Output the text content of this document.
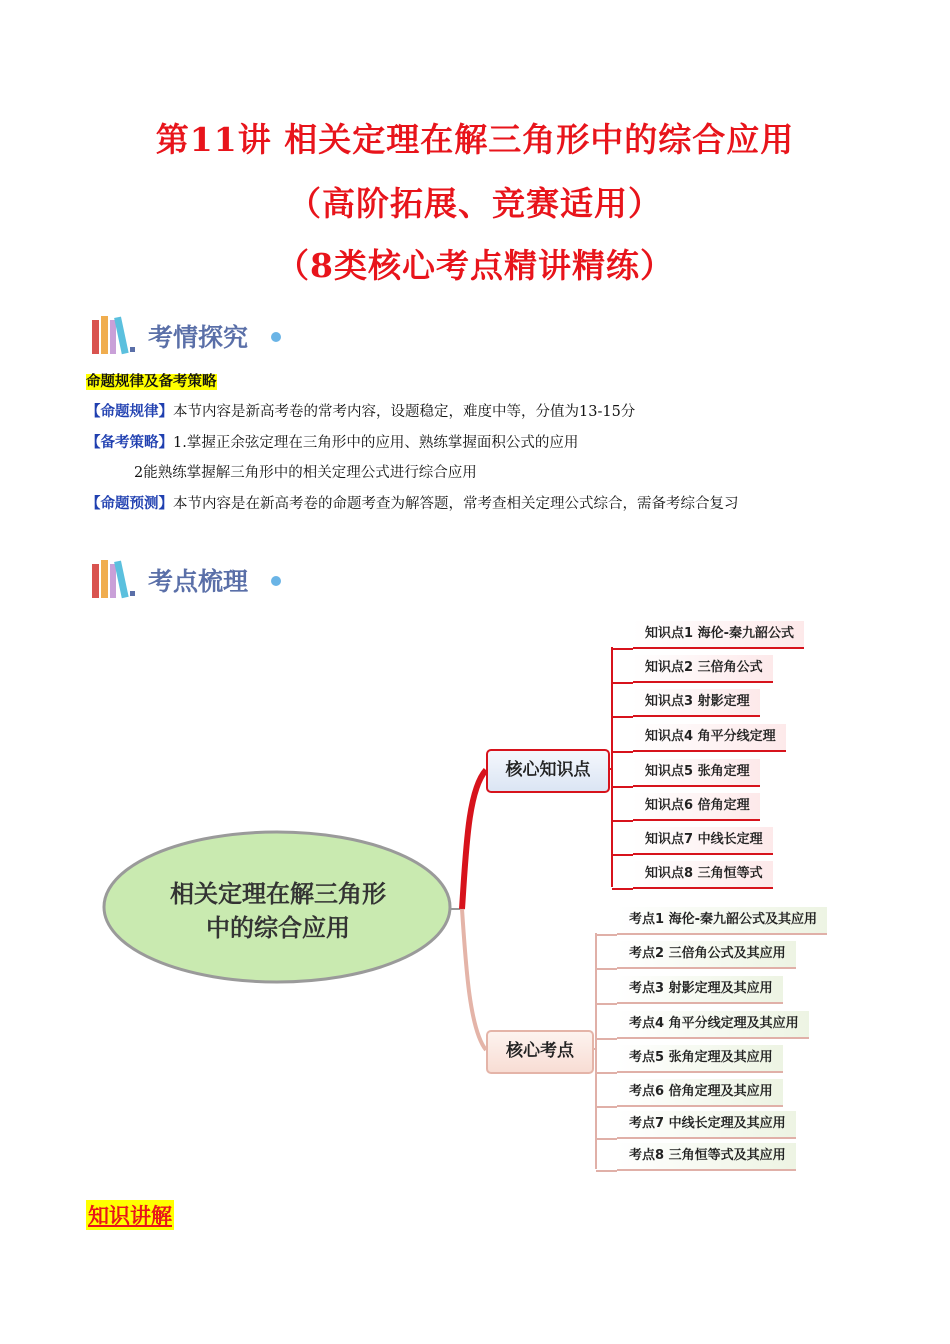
第11讲 相关定理在解三角形中的综合应用
（高阶拓展、竞赛适用）
（8类核心考点精讲精练）
考情探究
命题规律及备考策略
【命题规律】本节内容是新高考卷的常考内容，设题稳定，难度中等，分值为13-15分
【备考策略】1.掌握正余弦定理在三角形中的应用、熟练掌握面积公式的应用
2能熟练掌握解三角形中的相关定理公式进行综合应用
【命题预测】本节内容是在新高考卷的命题考查为解答题，常考查相关定理公式综合，需备考综合复习
考点梳理
相关定理在解三角形
中的综合应用
核心知识点
核心考点
知识点1 海伦-秦九韶公式
知识点2 三倍角公式
知识点3 射影定理
知识点4 角平分线定理
知识点5 张角定理
知识点6 倍角定理
知识点7 中线长定理
知识点8 三角恒等式
考点1 海伦-秦九韶公式及其应用
考点2 三倍角公式及其应用
考点3 射影定理及其应用
考点4 角平分线定理及其应用
考点5 张角定理及其应用
考点6 倍角定理及其应用
考点7 中线长定理及其应用
考点8 三角恒等式及其应用
知识讲解
